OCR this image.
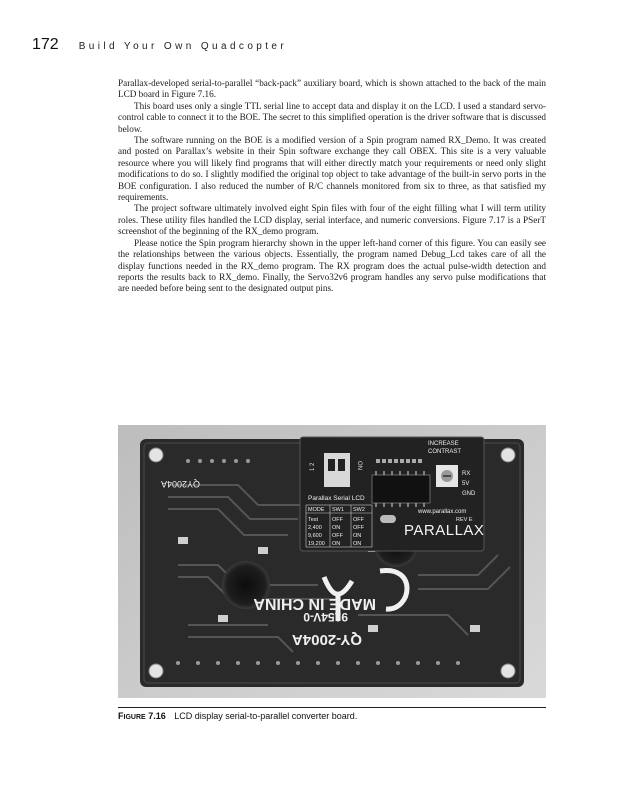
172 Build Your Own Quadcopter

Parallax-developed serial-to-parallel “back-pack” auxiliary board, which is shown attached to the back of the main LCD board in Figure 7.16.

This board uses only a single TTL serial line to accept data and display it on the LCD. I used a standard servo-control cable to connect it to the BOE. The secret to this simplified operation is the driver software that is discussed below.

The software running on the BOE is a modified version of a Spin program named RX_Demo. It was created and posted on Parallax’s website in their Spin software exchange they call OBEX. This site is a very valuable resource where you will likely find programs that will either directly match your requirements or need only slight modifications to do so. I slightly modified the original top object to take advantage of the built-in servo ports in the BOE configuration. I also reduced the number of R/C channels monitored from six to three, as that satisfied my requirements.

The project software ultimately involved eight Spin files with four of the eight filling what I will term utility roles. These utility files handled the LCD display, serial interface, and numeric conversions. Figure 7.17 is a PSerT screenshot of the beginning of the RX_demo program.

Please notice the Spin program hierarchy shown in the upper left-hand corner of this figure. You can easily see the relationships between the various objects. Essentially, the program named Debug_Lcd takes care of all the display functions needed in the RX_demo program. The RX program does the actual pulse-width detection and reports the results back to RX_demo. Finally, the Servo32v6 program handles any servo pulse modifications that are needed before being sent to the designated output pins.

MADE IN CHINA
9154V-0
QY-2004A
QY2004A
1 2	ON
INCREASE
CONTRAST
RX
5V
GND
Parallax Serial LCD
MODE SW1 SW2
Test	OFF OFF
2,400 ON OFF
9,600 OFF ON
19,200 ON ON
PARALLAX
www.parallax.com
REV E
FIGURE 7.16 LCD display serial-to-parallel converter board.
